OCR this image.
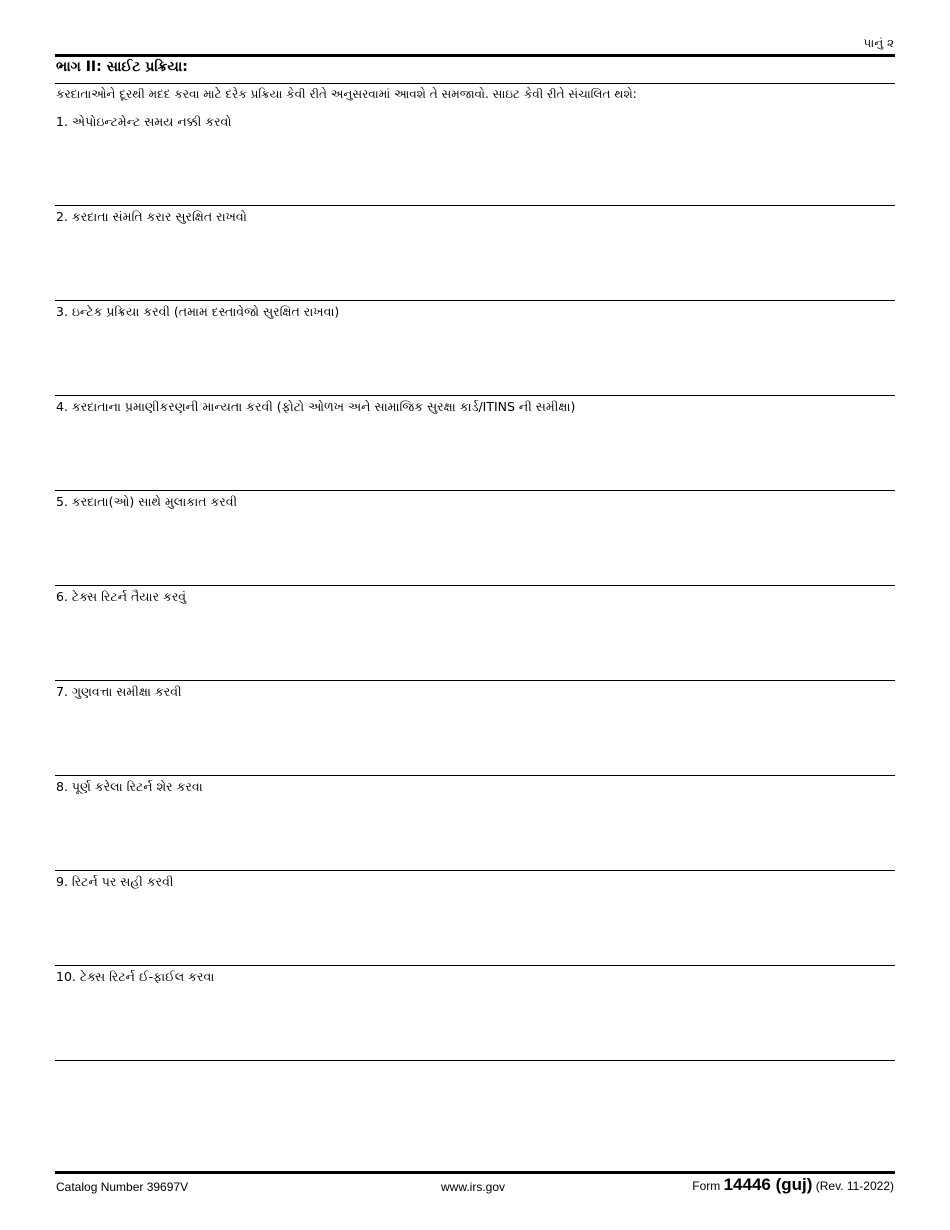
પાનું ૨
ભાગ II: સાઈટ પ્રક્રિયા:
કરદાતાઓને દૂરથી મદદ કરવા માટે દરેક પ્રક્રિયા કેવી રીતે અનુસરવામાં આવશે તે સમજાવો. સાઇટ કેવી રીતે સંચાલિત થશે:
1. એપોઇન્ટમેન્ટ સમય નક્કી કરવો
2. કરદાતા સંમતિ કરાર સુરક્ષિત રાખવો
3. ઇન્ટેક પ્રક્રિયા કરવી (તમામ દસ્તાવેજો સુરક્ષિત રાખવા)
4. કરદાતાના પ્રમાણીકરણની માન્યતા કરવી (ફોટો ઓળખ અને સામાજિક સુરક્ષા કાર્ડ/ITINS ની સમીક્ષા)
5. કરદાતા(ઓ) સાથે મુલાકાત કરવી
6. ટેક્સ રિટર્ન તૈયાર કરવું
7. ગુણવત્તા સમીક્ષા કરવી
8. પૂર્ણ કરેલા રિટર્ન શેર કરવા
9. રિટર્ન પર સહી કરવી
10. ટેક્સ રિટર્ન ઈ-ફાઈલ કરવા
Catalog Number 39697V	www.irs.gov	Form 14446 (guj) (Rev. 11-2022)
